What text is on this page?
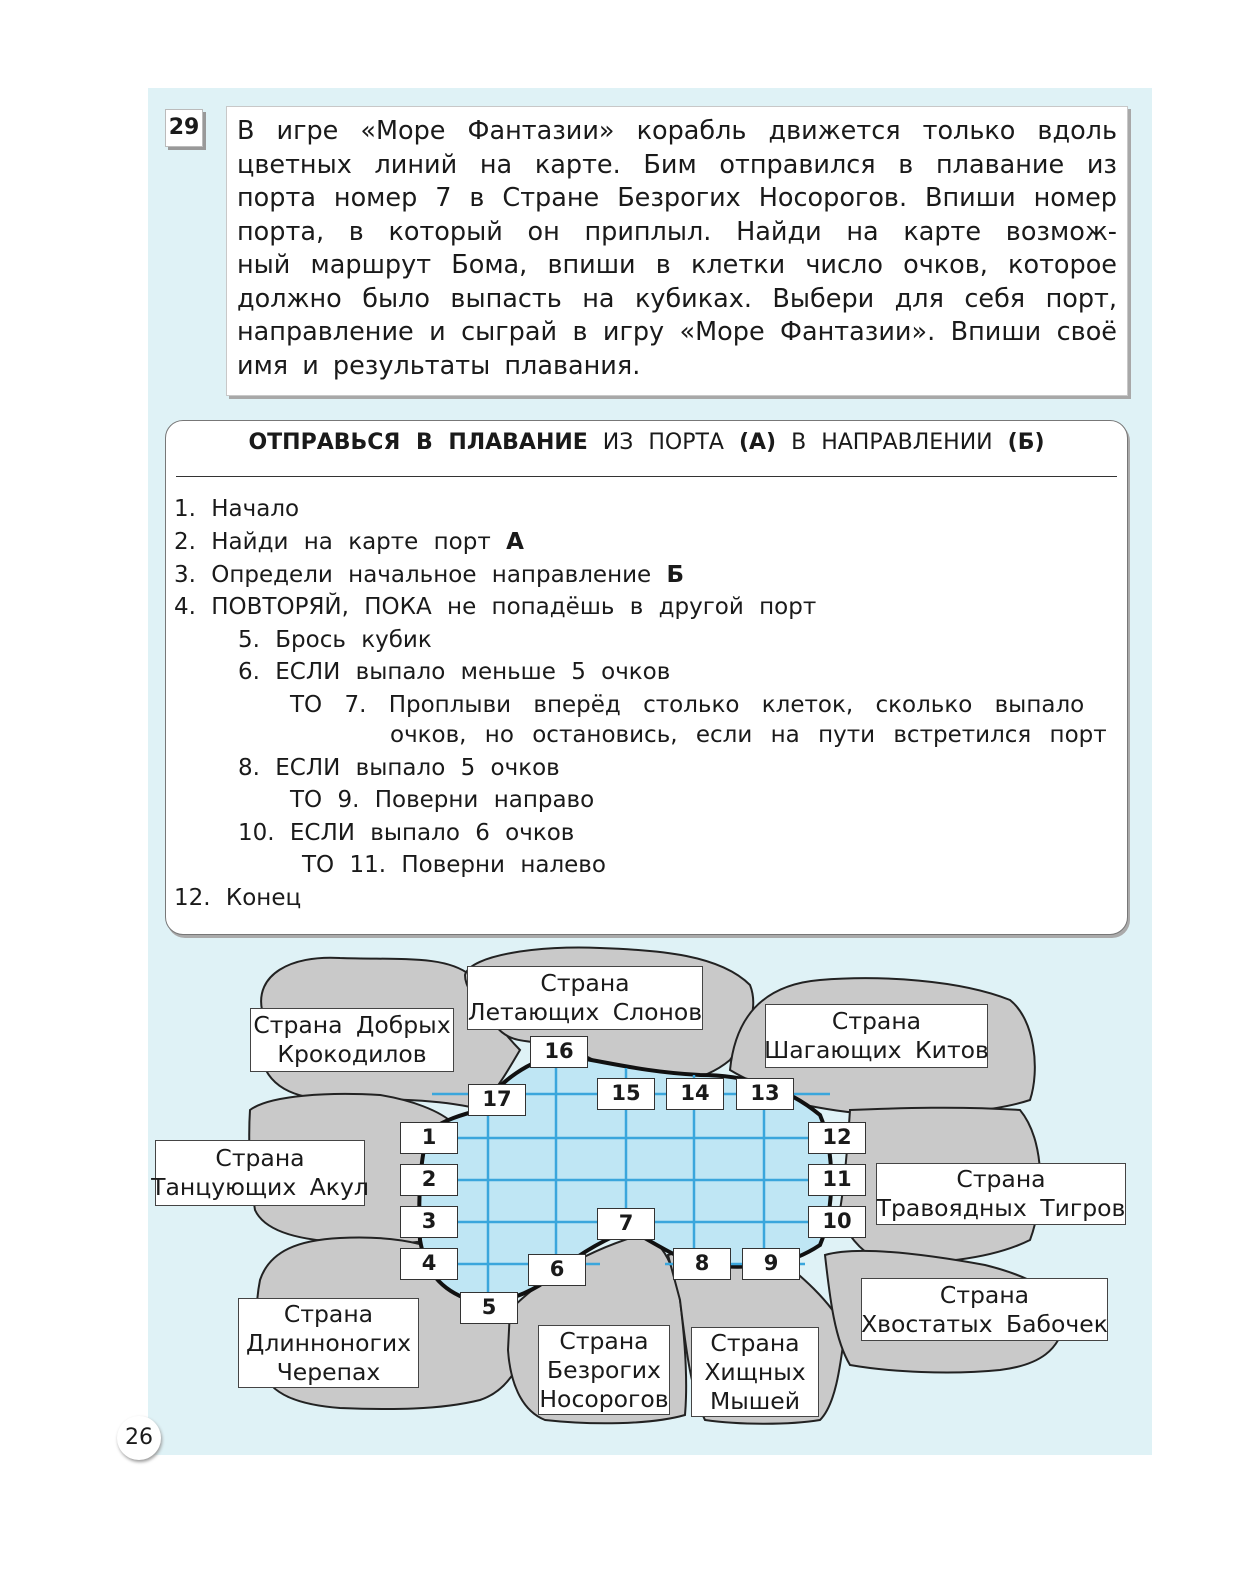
29 В игре «Море Фантазии» корабль движется только вдоль
цветных линий на карте. Бим отправился в плавание из
порта номер 7 в Стране Безрогих Носорогов. Впиши номер
порта, в который он приплыл. Найди на карте возмож-
ный маршрут Бома, впиши в клетки число очков, которое
должно было выпасть на кубиках. Выбери для себя порт,
направление и сыграй в игру «Море Фантазии». Впиши своё
имя и результаты плавания.
ОТПРАВЬСЯ В ПЛАВАНИЕ ИЗ ПОРТА (А) В НАПРАВЛЕНИИ (Б)
1. Начало
2. Найди на карте порт А
3. Определи начальное направление Б
4. ПОВТОРЯЙ, ПОКА не попадёшь в другой порт
5. Брось кубик
6. ЕСЛИ выпало меньше 5 очков
ТО 7. Проплыви вперёд столько клеток, сколько выпало
очков, но остановись, если на пути встретился порт
8. ЕСЛИ выпало 5 очков
ТО 9. Поверни направо
10. ЕСЛИ выпало 6 очков
ТО 11. Поверни налево
12. Конец
Страна Добрых
Крокодилов
Страна
Летающих Слонов	Страна
Шагающих Китов
Страна
Танцующих Акул	Страна
Травоядных Тигров
Страна
Длинноногих
Черепах
Страна
Безрогих
Носорогов
Страна
Хищных
Мышей
Страна
Хвостатых Бабочек
1
2
3
4
5
6
7
8	9
10
11
12
13
14
15
16
17
26
